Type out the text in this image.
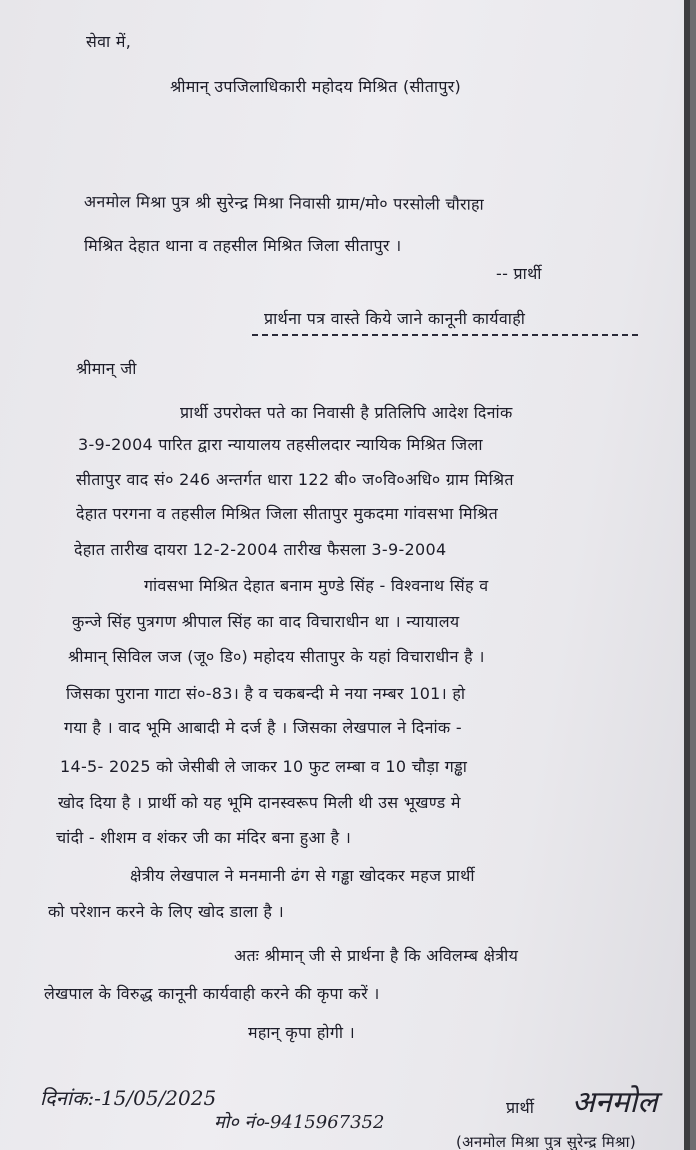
सेवा में,
श्रीमान् उपजिलाधिकारी महोदय मिश्रित (सीतापुर)
अनमोल मिश्रा पुत्र श्री सुरेन्द्र मिश्रा निवासी ग्राम/मो० परसोली चौराहा
मिश्रित देहात थाना व तहसील मिश्रित जिला सीतापुर ।
-- प्रार्थी
प्रार्थना पत्र वास्ते किये जाने कानूनी कार्यवाही
श्रीमान् जी
प्रार्थी उपरोक्त पते का निवासी है प्रतिलिपि आदेश दिनांक
3-9-2004 पारित द्वारा न्यायालय तहसीलदार न्यायिक मिश्रित जिला
सीतापुर वाद सं० 246 अन्तर्गत धारा 122 बी० ज०वि०अधि० ग्राम मिश्रित
देहात परगना व तहसील मिश्रित जिला सीतापुर मुकदमा गांवसभा मिश्रित
देहात तारीख दायरा 12-2-2004 तारीख फैसला 3-9-2004
गांवसभा मिश्रित देहात बनाम मुण्डे सिंह - विश्वनाथ सिंह व
कुन्जे सिंह पुत्रगण श्रीपाल सिंह का वाद विचाराधीन था । न्यायालय
श्रीमान् सिविल जज (जू० डि०) महोदय सीतापुर के यहां विचाराधीन है ।
जिसका पुराना गाटा सं०-83। है व चकबन्दी मे नया नम्बर 101। हो
गया है । वाद भूमि आबादी मे दर्ज है । जिसका लेखपाल ने दिनांक -
14-5- 2025 को जेसीबी ले जाकर 10 फुट लम्बा व 10 चौड़ा गड्ढा
खोद दिया है । प्रार्थी को यह भूमि दानस्वरूप मिली थी उस भूखण्ड मे
चांदी - शीशम व शंकर जी का मंदिर बना हुआ है ।
क्षेत्रीय लेखपाल ने मनमानी ढंग से गड्ढा खोदकर महज प्रार्थी
को परेशान करने के लिए खोद डाला है ।
अतः श्रीमान् जी से प्रार्थना है कि अविलम्ब क्षेत्रीय
लेखपाल के विरुद्ध कानूनी कार्यवाही करने की कृपा करें ।
महान् कृपा होगी ।
दिनांक:-15/05/2025
मो० नं०-9415967352
प्रार्थी अनमोल
(अनमोल मिश्रा पुत्र सुरेन्द्र मिश्रा)
